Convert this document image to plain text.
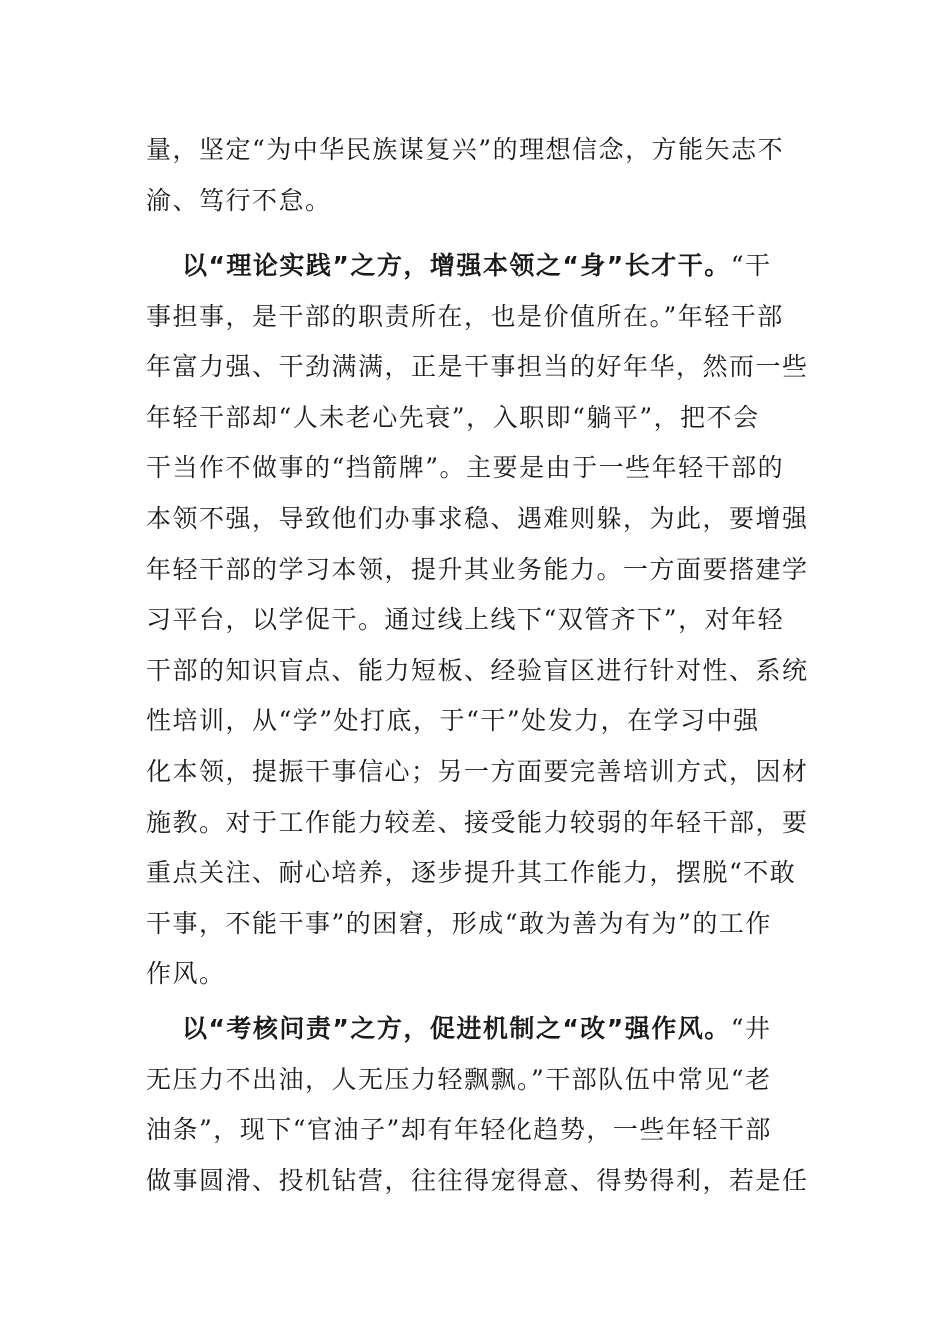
量，坚定“为中华民族谋复兴”的理想信念，方能矢志不
渝、笃行不怠。
以“理论实践”之方，增强本领之“身”长才干。“干
事担事，是干部的职责所在，也是价值所在。”年轻干部
年富力强、干劲满满，正是干事担当的好年华，然而一些
年轻干部却“人未老心先衰”，入职即“躺平”，把不会
干当作不做事的“挡箭牌”。主要是由于一些年轻干部的
本领不强，导致他们办事求稳、遇难则躲，为此，要增强
年轻干部的学习本领，提升其业务能力。一方面要搭建学
习平台，以学促干。通过线上线下“双管齐下”，对年轻
干部的知识盲点、能力短板、经验盲区进行针对性、系统
性培训，从“学”处打底，于“干”处发力，在学习中强
化本领，提振干事信心；另一方面要完善培训方式，因材
施教。对于工作能力较差、接受能力较弱的年轻干部，要
重点关注、耐心培养，逐步提升其工作能力，摆脱“不敢
干事，不能干事”的困窘，形成“敢为善为有为”的工作
作风。
以“考核问责”之方，促进机制之“改”强作风。“井
无压力不出油，人无压力轻飘飘。”干部队伍中常见“老
油条”，现下“官油子”却有年轻化趋势，一些年轻干部
做事圆滑、投机钻营，往往得宠得意、得势得利，若是任
